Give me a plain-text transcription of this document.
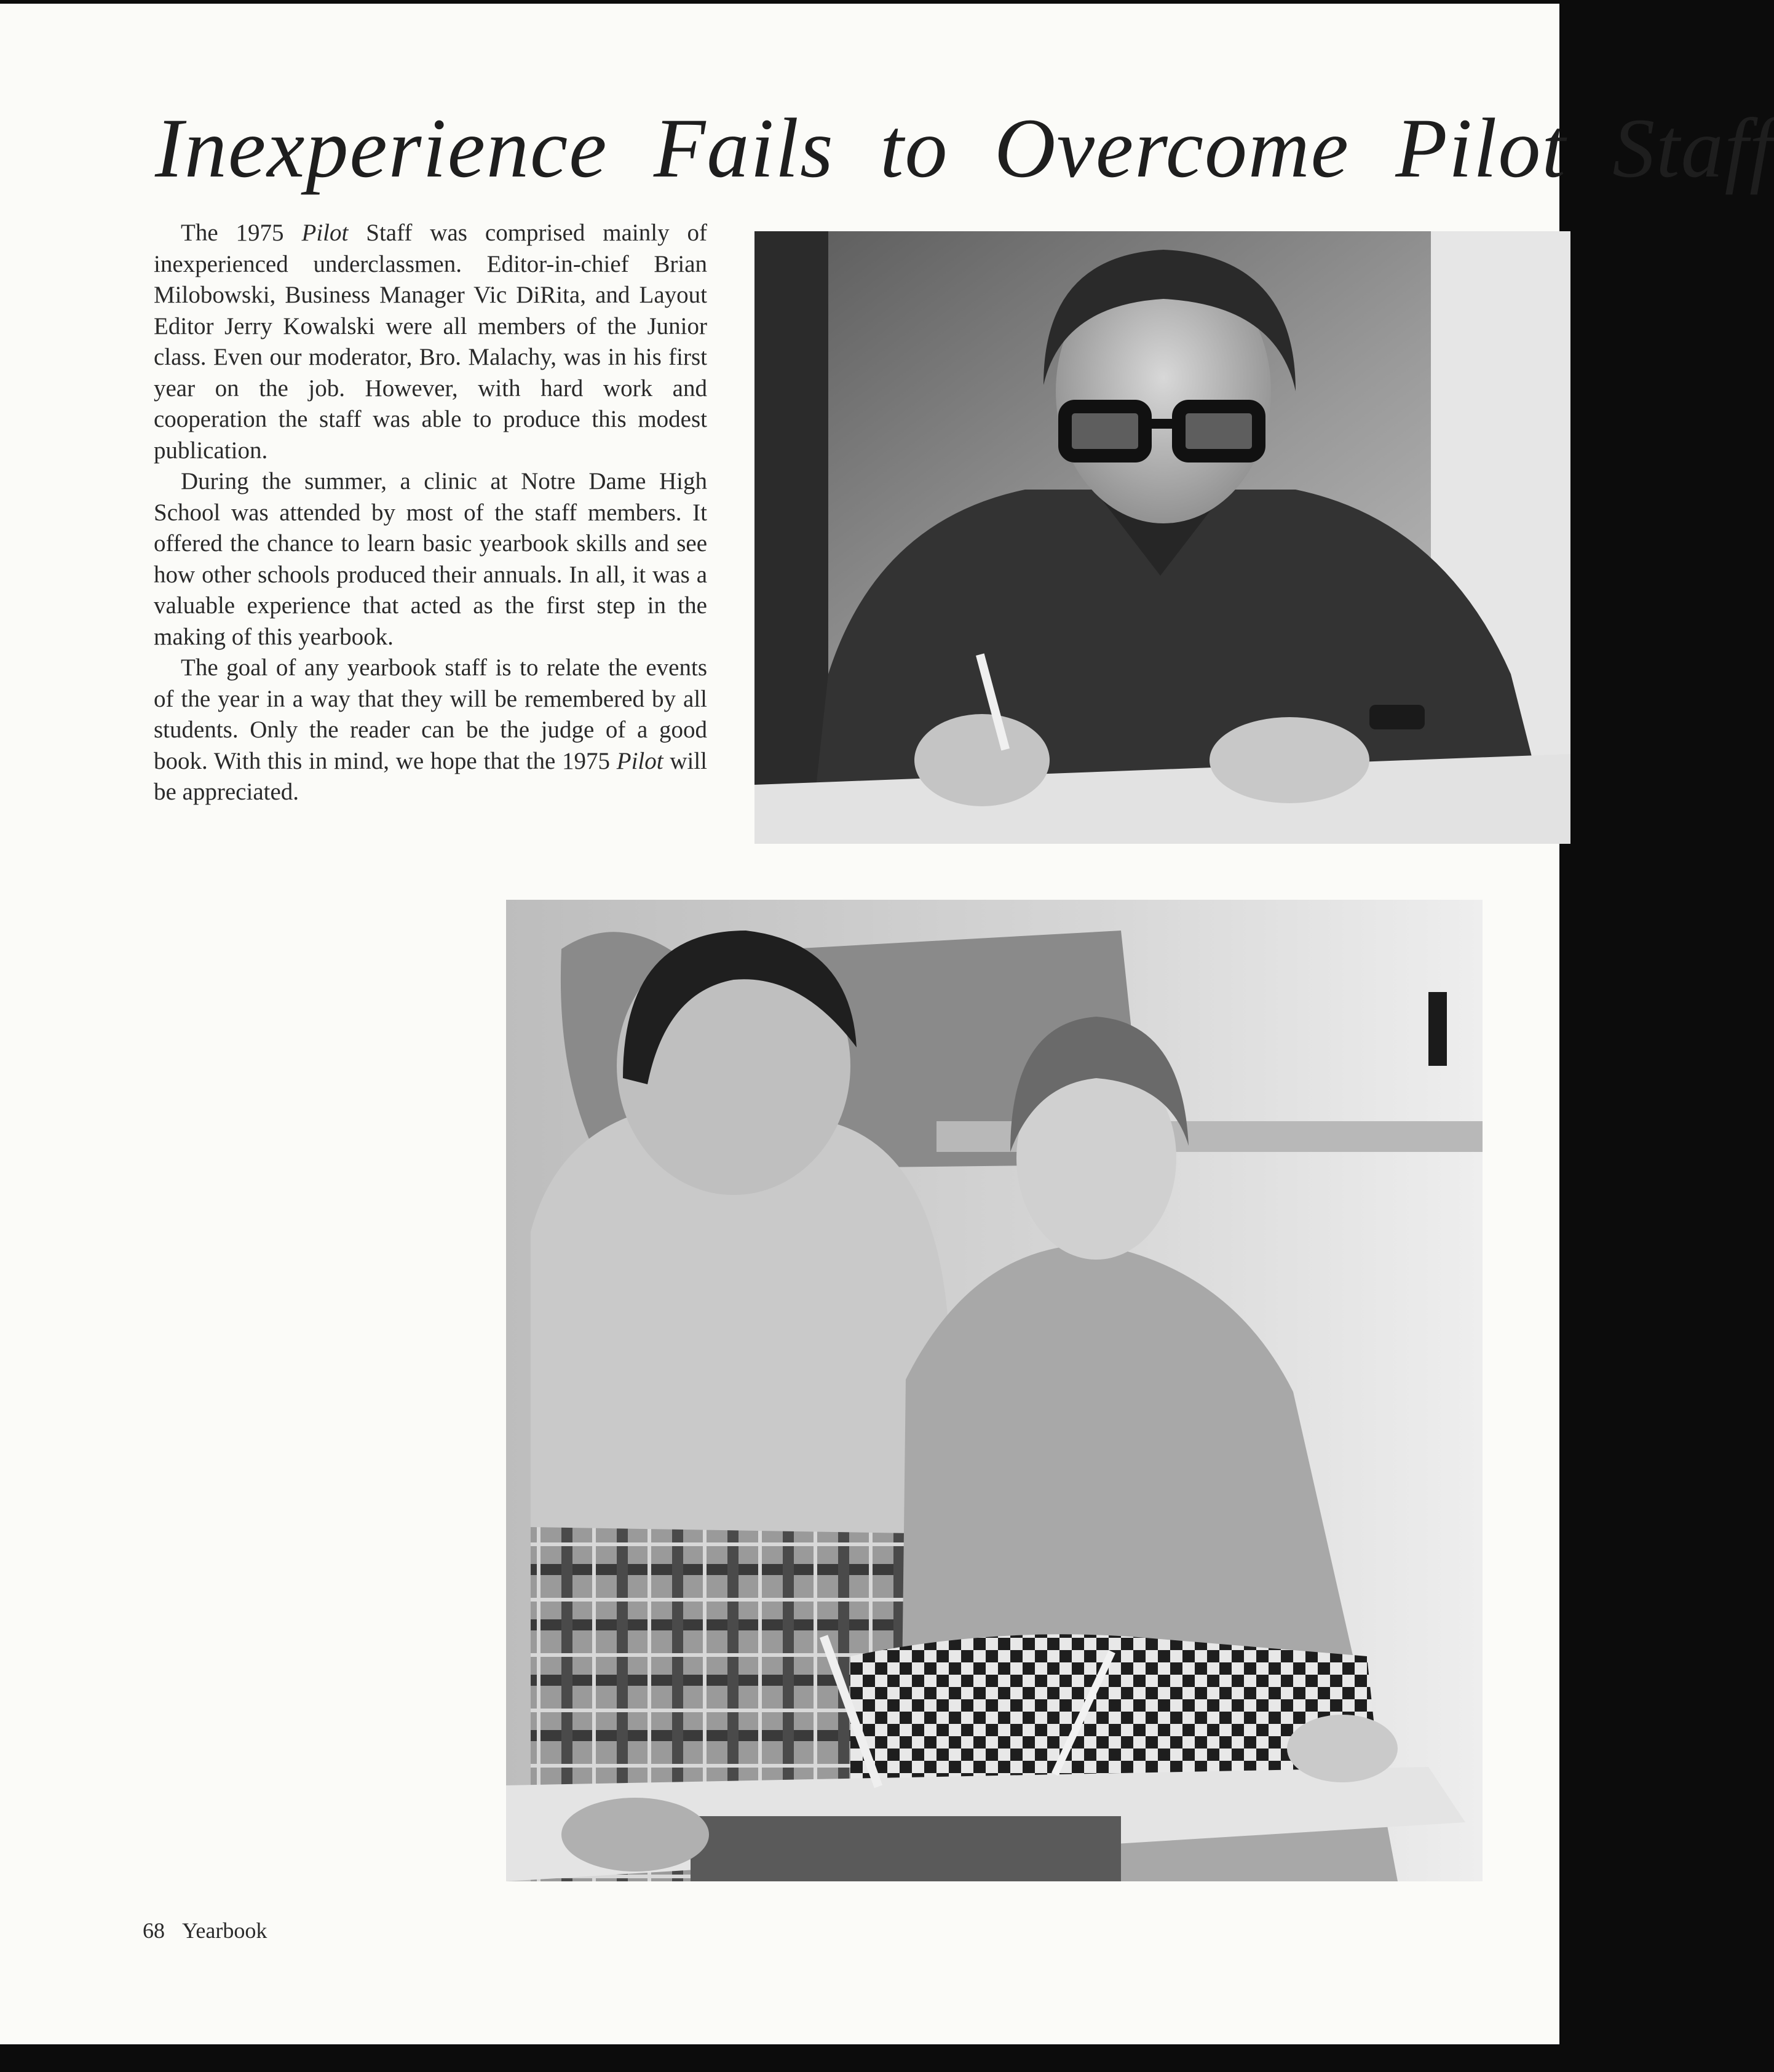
Inexperience Fails to Overcome Pilot Staff

The 1975 Pilot Staff was comprised mainly of inexperienced underclassmen. Editor-in-chief Brian Milobowski, Business Manager Vic DiRita, and Layout Editor Jerry Kowalski were all members of the Junior class. Even our moderator, Bro. Malachy, was in his first year on the job. However, with hard work and cooperation the staff was able to produce this modest publication.

During the summer, a clinic at Notre Dame High School was attended by most of the staff members. It offered the chance to learn basic yearbook skills and see how other schools produced their annuals. In all, it was a valuable experience that acted as the first step in the making of this yearbook.

The goal of any yearbook staff is to relate the events of the year in a way that they will be remembered by all students. Only the reader can be the judge of a good book. With this in mind, we hope that the 1975 Pilot will be appreciated.

68 Yearbook
